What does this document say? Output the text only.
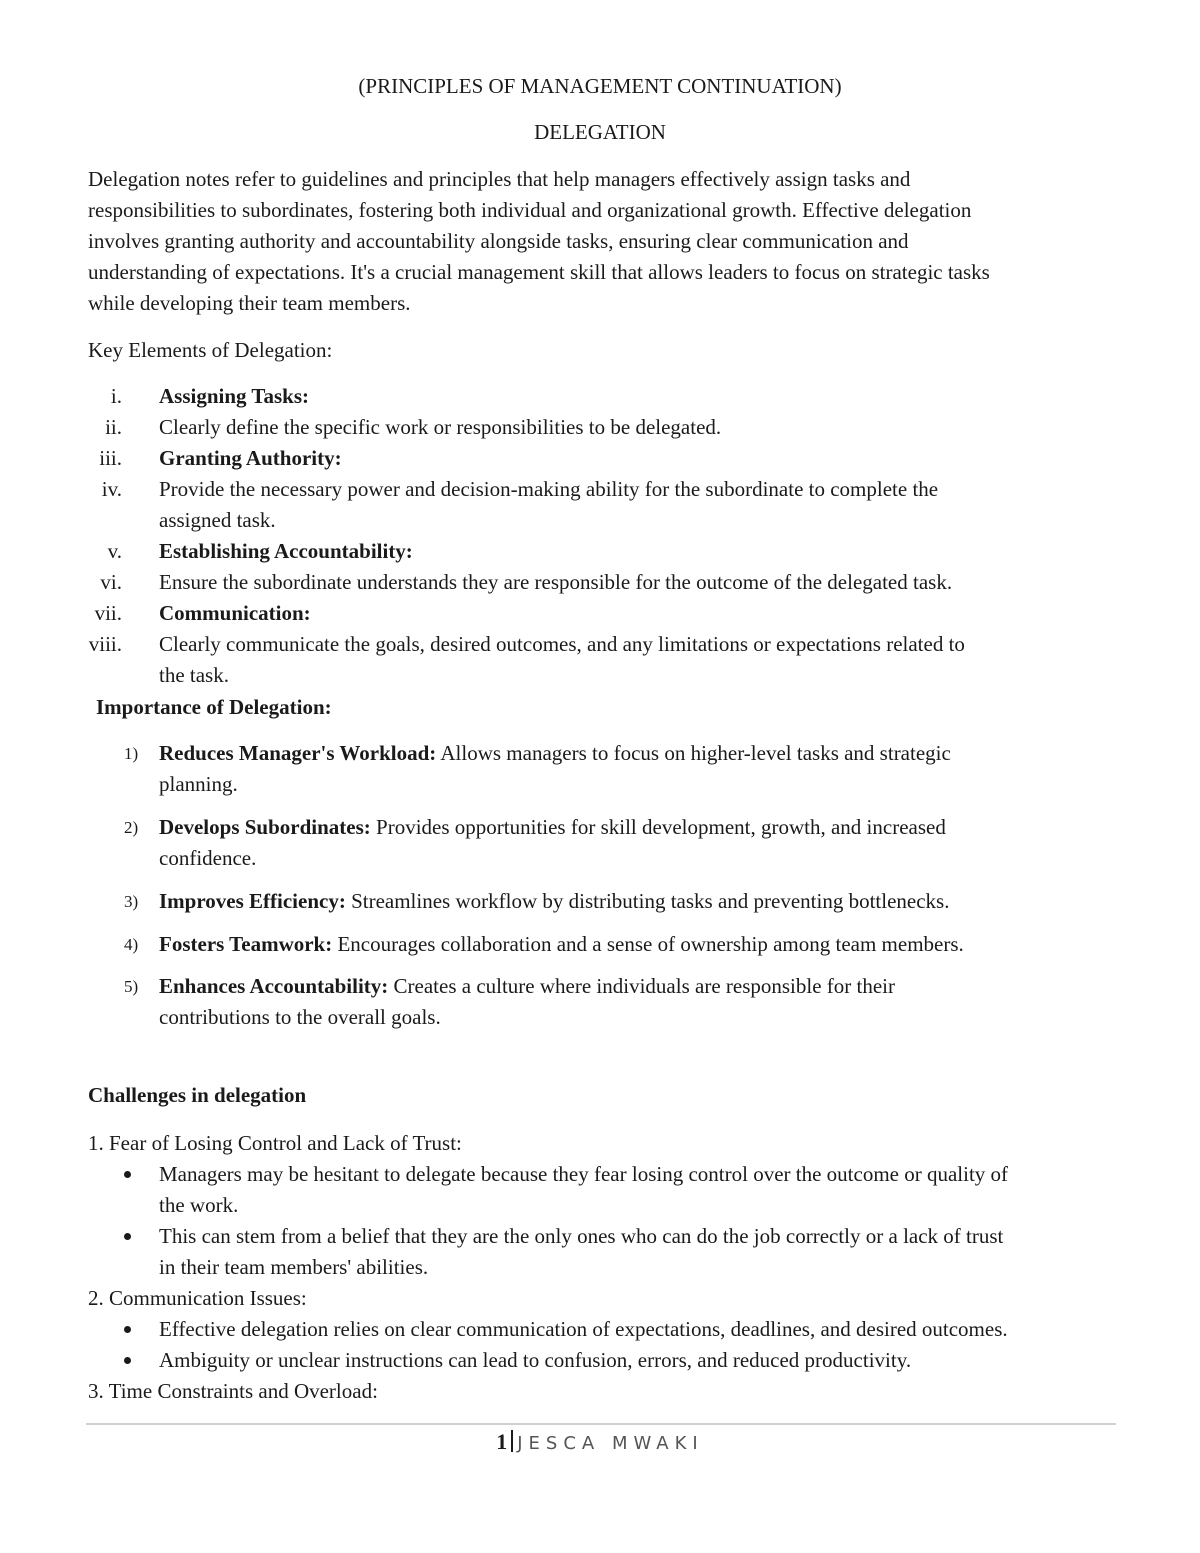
(PRINCIPLES OF MANAGEMENT CONTINUATION)
DELEGATION
Delegation notes refer to guidelines and principles that help managers effectively assign tasks and
responsibilities to subordinates, fostering both individual and organizational growth. Effective delegation
involves granting authority and accountability alongside tasks, ensuring clear communication and
understanding of expectations. It's a crucial management skill that allows leaders to focus on strategic tasks
while developing their team members.
Key Elements of Delegation:
i. Assigning Tasks:
ii. Clearly define the specific work or responsibilities to be delegated.
iii. Granting Authority:
iv. Provide the necessary power and decision-making ability for the subordinate to complete the
assigned task.
v. Establishing Accountability:
vi. Ensure the subordinate understands they are responsible for the outcome of the delegated task.
vii. Communication:
viii. Clearly communicate the goals, desired outcomes, and any limitations or expectations related to
the task.
Importance of Delegation:
1) Reduces Manager's Workload: Allows managers to focus on higher-level tasks and strategic
planning.
2) Develops Subordinates: Provides opportunities for skill development, growth, and increased
confidence.
3) Improves Efficiency: Streamlines workflow by distributing tasks and preventing bottlenecks.
4) Fosters Teamwork: Encourages collaboration and a sense of ownership among team members.
5) Enhances Accountability: Creates a culture where individuals are responsible for their
contributions to the overall goals.
Challenges in delegation
1. Fear of Losing Control and Lack of Trust:
Managers may be hesitant to delegate because they fear losing control over the outcome or quality of
the work.
This can stem from a belief that they are the only ones who can do the job correctly or a lack of trust
in their team members' abilities.
2. Communication Issues:
Effective delegation relies on clear communication of expectations, deadlines, and desired outcomes.
Ambiguity or unclear instructions can lead to confusion, errors, and reduced productivity.
3. Time Constraints and Overload:
1 JESCA MWAKI
